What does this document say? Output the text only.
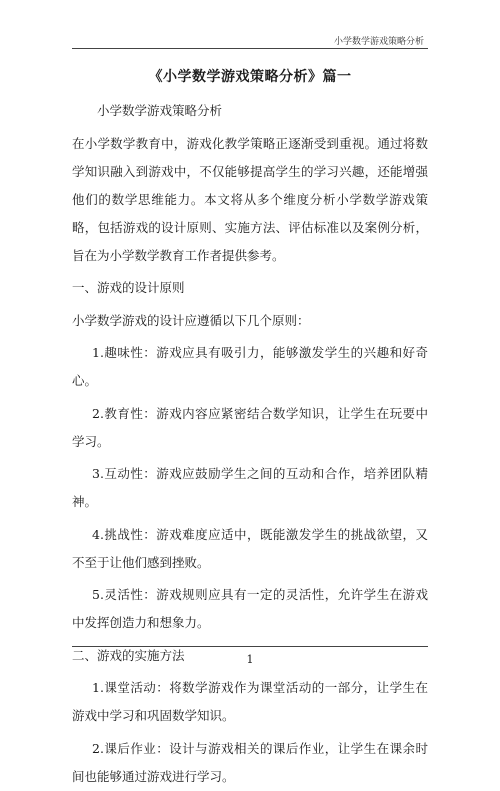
小学数学游戏策略分析
《小学数学游戏策略分析》篇一

小学数学游戏策略分析

在小学数学教育中，游戏化教学策略正逐渐受到重视。通过将数学知识融入到游戏中，不仅能够提高学生的学习兴趣，还能增强他们的数学思维能力。本文将从多个维度分析小学数学游戏策略，包括游戏的设计原则、实施方法、评估标准以及案例分析，旨在为小学数学教育工作者提供参考。

一、游戏的设计原则

小学数学游戏的设计应遵循以下几个原则：

1.趣味性：游戏应具有吸引力，能够激发学生的兴趣和好奇心。

2.教育性：游戏内容应紧密结合数学知识，让学生在玩要中学习。

3.互动性：游戏应鼓励学生之间的互动和合作，培养团队精神。

4.挑战性：游戏难度应适中，既能激发学生的挑战欲望，又不至于让他们感到挫败。

5.灵活性：游戏规则应具有一定的灵活性，允许学生在游戏中发挥创造力和想象力。

二、游戏的实施方法

1.课堂活动：将数学游戏作为课堂活动的一部分，让学生在游戏中学习和巩固数学知识。

2.课后作业：设计与游戏相关的课后作业，让学生在课余时间也能够通过游戏进行学习。

1
